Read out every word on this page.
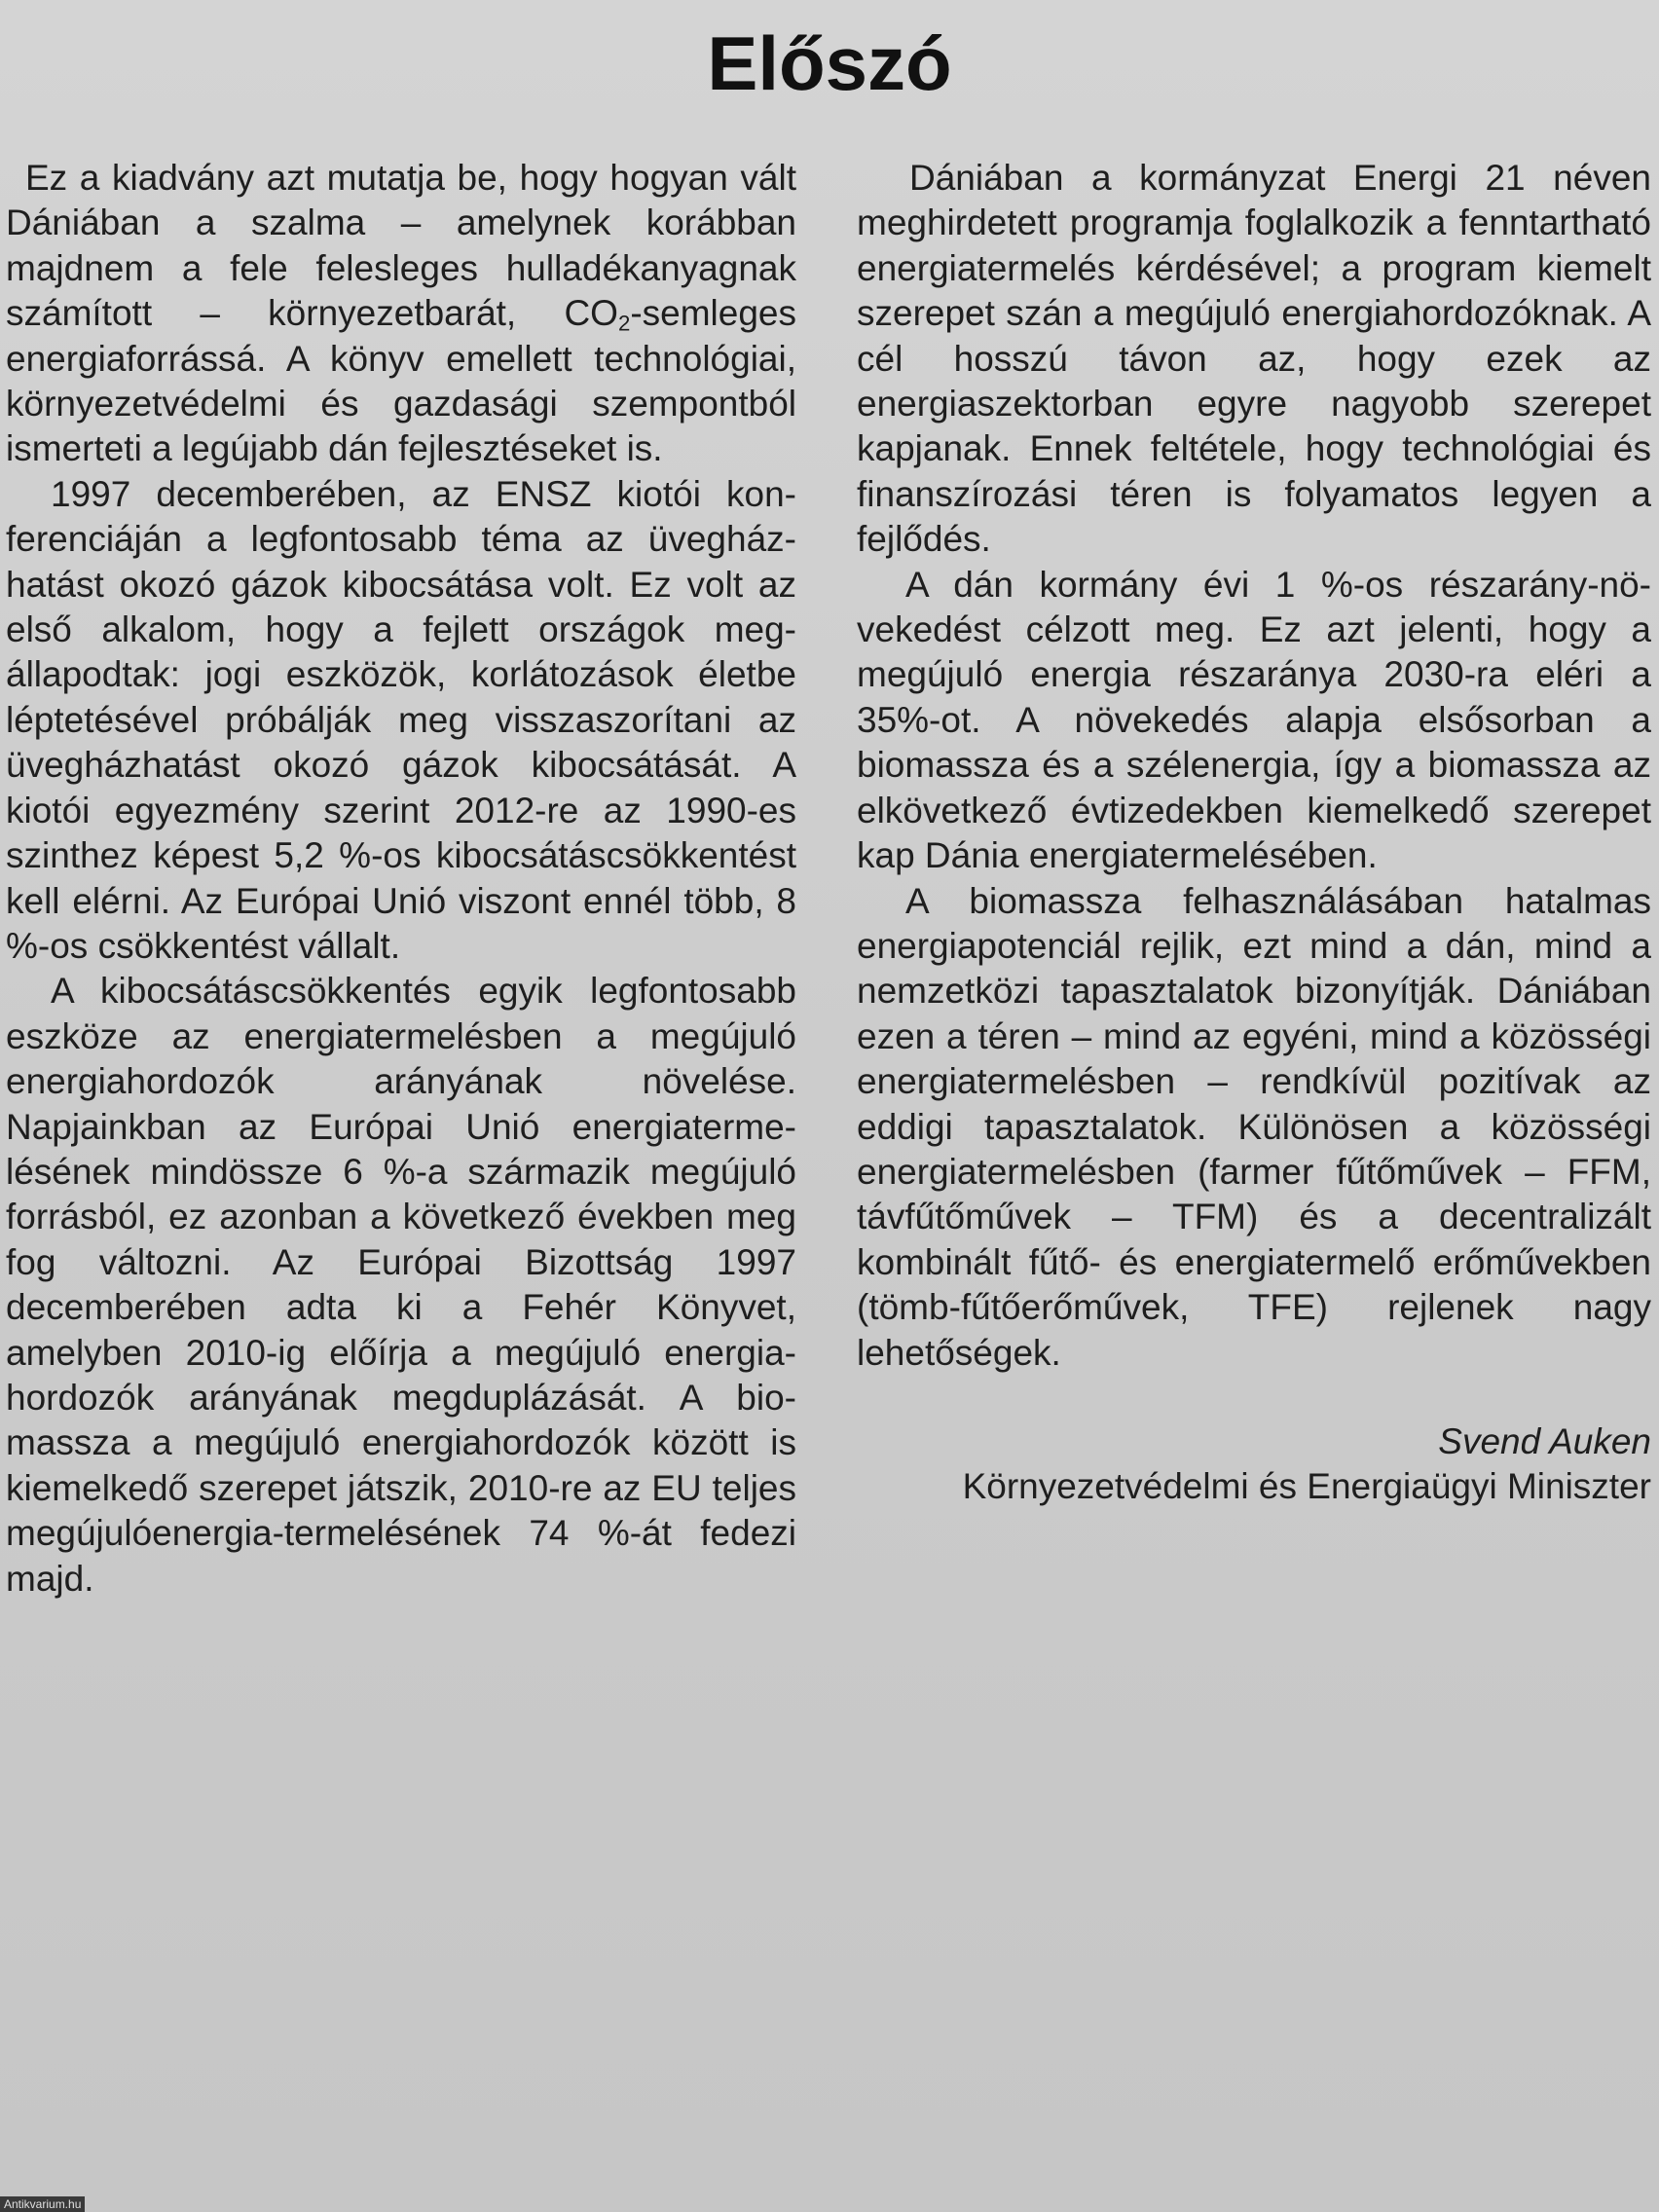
Előszó

Ez a kiadvány azt mutatja be, hogy hogyan vált Dániában a szalma – amelynek korábban majdnem a fele felesleges hulladékanyagnak számított – környezetbarát, $CO_2$-semleges energiaforrássá. A könyv emellett technológiai, környezetvédelmi és gazdasági szempontból ismerteti a legújabb dán fejlesztéseket is.

1997 decemberében, az ENSZ kiotói konferenciáján a legfontosabb téma az üvegházhatást okozó gázok kibocsátása volt. Ez volt az első alkalom, hogy a fejlett országok megállapodtak: jogi eszközök, korlátozások életbe léptetésével próbálják meg visszaszorítani az üvegházhatást okozó gázok kibocsátását. A kiotói egyezmény szerint 2012-re az 1990-es szinthez képest 5,2 %-os kibocsátáscsökkentést kell elérni. Az Európai Unió viszont ennél több, 8 %-os csökkentést vállalt.

A kibocsátáscsökkentés egyik legfontosabb eszköze az energiatermelésben a megújuló energiahordozók arányának növelése. Napjainkban az Európai Unió energiatermelésének mindössze 6 %-a származik megújuló forrásból, ez azonban a következő években meg fog változni. Az Európai Bizottság 1997 decemberében adta ki a Fehér Könyvet, amelyben 2010-ig előírja a megújuló energiahordozók arányának megduplázását. A biomassza a megújuló energiahordozók között is kiemelkedő szerepet játszik, 2010-re az EU teljes megújulóenergia-termelésének 74 %-át fedezi majd.

Dániában a kormányzat Energi 21 néven meghirdetett programja foglalkozik a fenntartható energiatermelés kérdésével; a program kiemelt szerepet szán a megújuló energiahordozóknak. A cél hosszú távon az, hogy ezek az energiaszektorban egyre nagyobb szerepet kapjanak. Ennek feltétele, hogy technológiai és finanszírozási téren is folyamatos legyen a fejlődés.

A dán kormány évi 1 %-os részarány-növekedést célzott meg. Ez azt jelenti, hogy a megújuló energia részaránya 2030-ra eléri a 35%-ot. A növekedés alapja elsősorban a biomassza és a szélenergia, így a biomassza az elkövetkező évtizedekben kiemelkedő szerepet kap Dánia energiatermelésében.

A biomassza felhasználásában hatalmas energiapotenciál rejlik, ezt mind a dán, mind a nemzetközi tapasztalatok bizonyítják. Dániában ezen a téren – mind az egyéni, mind a közösségi energiatermelésben – rendkívül pozitívak az eddigi tapasztalatok. Különösen a közösségi energiatermelésben (farmer fűtőművek – FFM, távfűtőművek – TFM) és a decentralizált kombinált fűtő- és energiatermelő erőművekben (tömb-fűtőerőművek, TFE) rejlenek nagy lehetőségek.

Svend Auken
Környezetvédelmi és Energiaügyi Miniszter
Antikvarium.hu
